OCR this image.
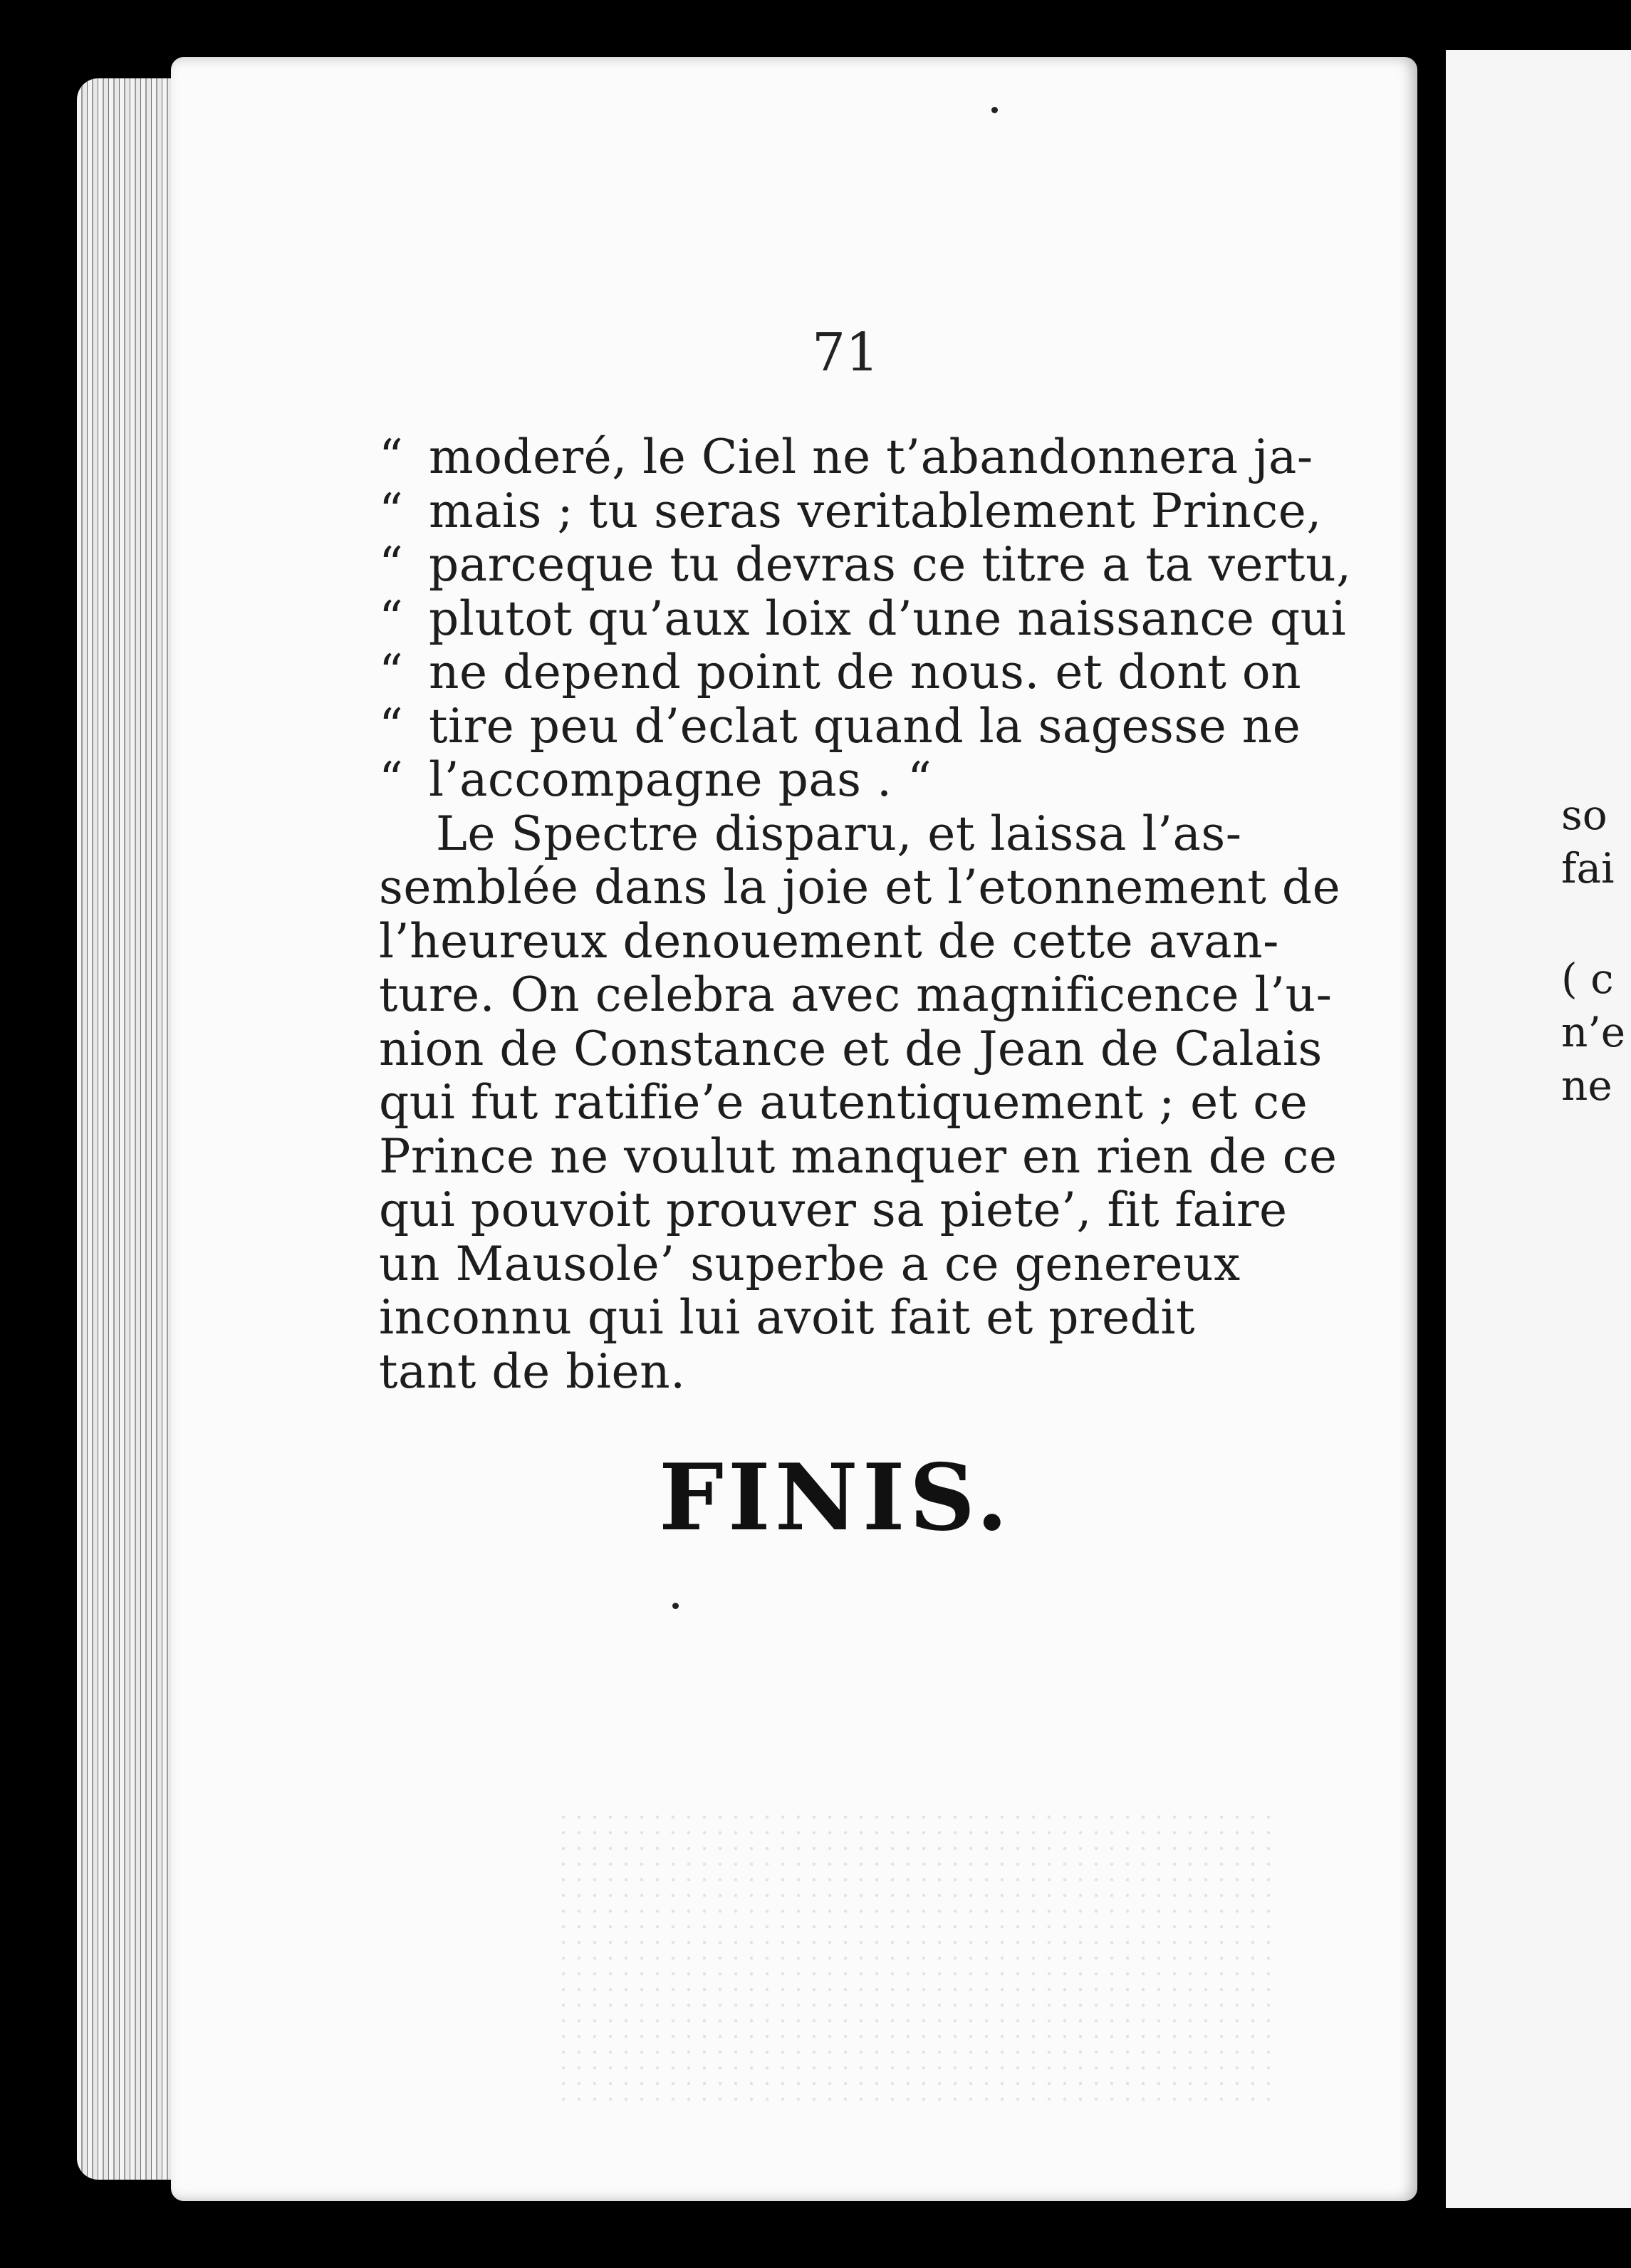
71
“ moderé, le Ciel ne t’abandonnera ja-
“ mais ; tu seras veritablement Prince,
“ parceque tu devras ce titre a ta vertu,
“ plutot qu’aux loix d’une naissance qui
“ ne depend point de nous. et dont on
“ tire peu d’eclat quand la sagesse ne
“ l’accompagne pas . “
Le Spectre disparu, et laissa l’as-
semblée dans la joie et l’etonnement de
l’heureux denouement de cette avan-
ture. On celebra avec magnificence l’u-
nion de Constance et de Jean de Calais
qui fut ratifie’e autentiquement ; et ce
Prince ne voulut manquer en rien de ce
qui pouvoit prouver sa piete’, fit faire
un Mausole’ superbe a ce genereux
inconnu qui lui avoit fait et predit
tant de bien.
FINIS.
so
fai
( c
n’e
ne
